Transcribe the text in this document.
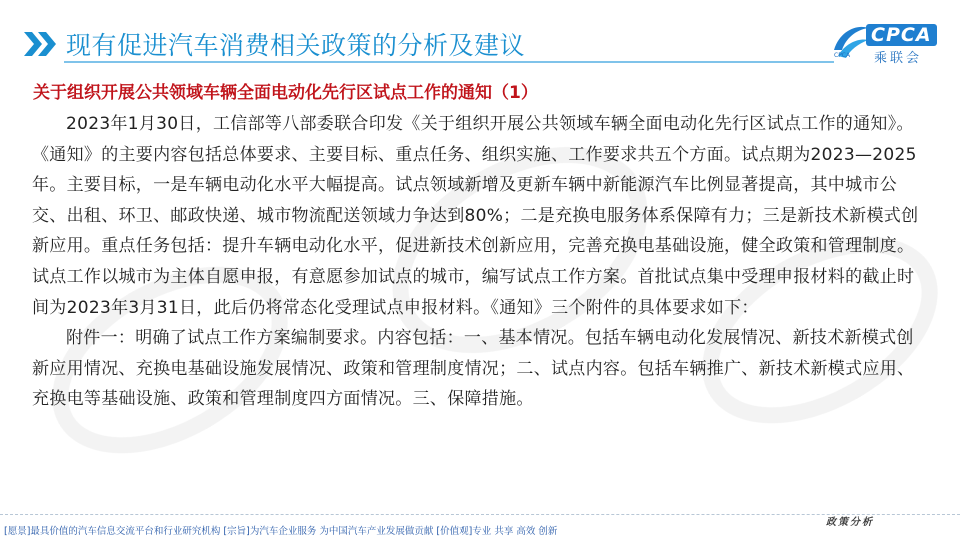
现有促进汽车消费相关政策的分析及建议	CPCA
乘联会
CPCA
关于组织开展公共领域车辆全面电动化先行区试点工作的通知（1）

2023年1月30日，工信部等八部委联合印发《关于组织开展公共领域车辆全面电动化先行区试点工作的通知》。《通知》的主要内容包括总体要求、主要目标、重点任务、组织实施、工作要求共五个方面。试点期为2023—2025年。主要目标，一是车辆电动化水平大幅提高。试点领域新增及更新车辆中新能源汽车比例显著提高，其中城市公交、出租、环卫、邮政快递、城市物流配送领域力争达到80%；二是充换电服务体系保障有力；三是新技术新模式创新应用。重点任务包括：提升车辆电动化水平，促进新技术创新应用，完善充换电基础设施，健全政策和管理制度。试点工作以城市为主体自愿申报，有意愿参加试点的城市，编写试点工作方案。首批试点集中受理申报材料的截止时间为2023年3月31日，此后仍将常态化受理试点申报材料。《通知》三个附件的具体要求如下：

附件一：明确了试点工作方案编制要求。内容包括：一、基本情况。包括车辆电动化发展情况、新技术新模式创新应用情况、充换电基础设施发展情况、政策和管理制度情况；二、试点内容。包括车辆推广、新技术新模式应用、充换电等基础设施、政策和管理制度四方面情况。三、保障措施。

[愿景]最具价值的汽车信息交流平台和行业研究机构 [宗旨]为汽车企业服务 为中国汽车产业发展做贡献 [价值观]专业 共享 高效 创新
政策分析
